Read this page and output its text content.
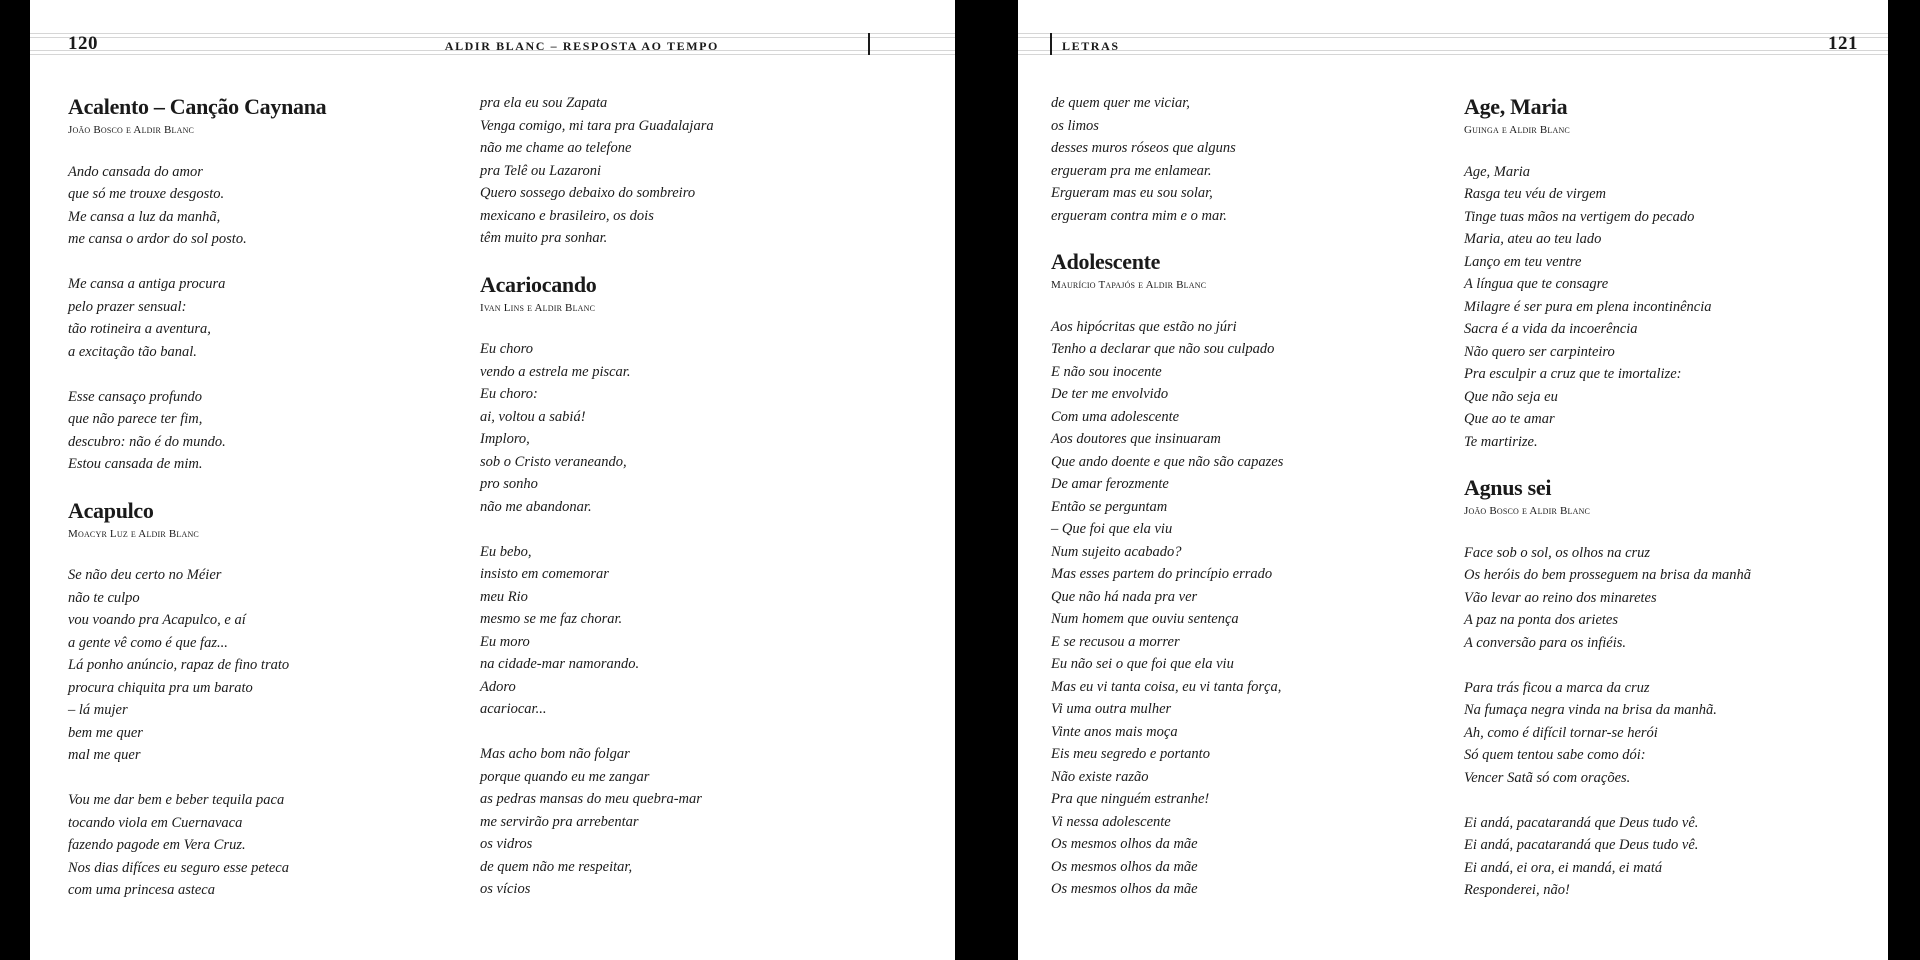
120	ALDIR BLANC – RESPOSTA AO TEMPO
Acalento – Canção Caynana
João Bosco e Aldir Blanc
Ando cansada do amor
que só me trouxe desgosto.
Me cansa a luz da manhã,
me cansa o ardor do sol posto.
Me cansa a antiga procura
pelo prazer sensual:
tão rotineira a aventura,
a excitação tão banal.
Esse cansaço profundo
que não parece ter fim,
descubro: não é do mundo.
Estou cansada de mim.
Acapulco
Moacyr Luz e Aldir Blanc
Se não deu certo no Méier
não te culpo
vou voando pra Acapulco, e aí
a gente vê como é que faz...
Lá ponho anúncio, rapaz de fino trato
procura chiquita pra um barato
– lá mujer
bem me quer
mal me quer
Vou me dar bem e beber tequila paca
tocando viola em Cuernavaca
fazendo pagode em Vera Cruz.
Nos dias difíces eu seguro esse peteca
com uma princesa asteca
pra ela eu sou Zapata
Venga comigo, mi tara pra Guadalajara
não me chame ao telefone
pra Telê ou Lazaroni
Quero sossego debaixo do sombreiro
mexicano e brasileiro, os dois
têm muito pra sonhar.
Acariocando
Ivan Lins e Aldir Blanc
Eu choro
vendo a estrela me piscar.
Eu choro:
ai, voltou a sabiá!
Imploro,
sob o Cristo veraneando,
pro sonho
não me abandonar.
Eu bebo,
insisto em comemorar
meu Rio
mesmo se me faz chorar.
Eu moro
na cidade-mar namorando.
Adoro
acariocar...
Mas acho bom não folgar
porque quando eu me zangar
as pedras mansas do meu quebra-mar
me servirão pra arrebentar
os vidros
de quem não me respeitar,
os vícios
LETRAS	121
de quem quer me viciar,
os limos
desses muros róseos que alguns
ergueram pra me enlamear.
Ergueram mas eu sou solar,
ergueram contra mim e o mar.
Adolescente
Maurício Tapajós e Aldir Blanc
Aos hipócritas que estão no júri
Tenho a declarar que não sou culpado
E não sou inocente
De ter me envolvido
Com uma adolescente
Aos doutores que insinuaram
Que ando doente e que não são capazes
De amar ferozmente
Então se perguntam
– Que foi que ela viu
Num sujeito acabado?
Mas esses partem do princípio errado
Que não há nada pra ver
Num homem que ouviu sentença
E se recusou a morrer
Eu não sei o que foi que ela viu
Mas eu vi tanta coisa, eu vi tanta força,
Vi uma outra mulher
Vinte anos mais moça
Eis meu segredo e portanto
Não existe razão
Pra que ninguém estranhe!
Vi nessa adolescente
Os mesmos olhos da mãe
Os mesmos olhos da mãe
Os mesmos olhos da mãe
Age, Maria
Guinga e Aldir Blanc
Age, Maria
Rasga teu véu de virgem
Tinge tuas mãos na vertigem do pecado
Maria, ateu ao teu lado
Lanço em teu ventre
A língua que te consagre
Milagre é ser pura em plena incontinência
Sacra é a vida da incoerência
Não quero ser carpinteiro
Pra esculpir a cruz que te imortalize:
Que não seja eu
Que ao te amar
Te martirize.
Agnus sei
João Bosco e Aldir Blanc
Face sob o sol, os olhos na cruz
Os heróis do bem prosseguem na brisa da manhã
Vão levar ao reino dos minaretes
A paz na ponta dos arietes
A conversão para os infiéis.
Para trás ficou a marca da cruz
Na fumaça negra vinda na brisa da manhã.
Ah, como é difícil tornar-se herói
Só quem tentou sabe como dói:
Vencer Satã só com orações.
Ei andá, pacatarandá que Deus tudo vê.
Ei andá, pacatarandá que Deus tudo vê.
Ei andá, ei ora, ei mandá, ei matá
Responderei, não!
